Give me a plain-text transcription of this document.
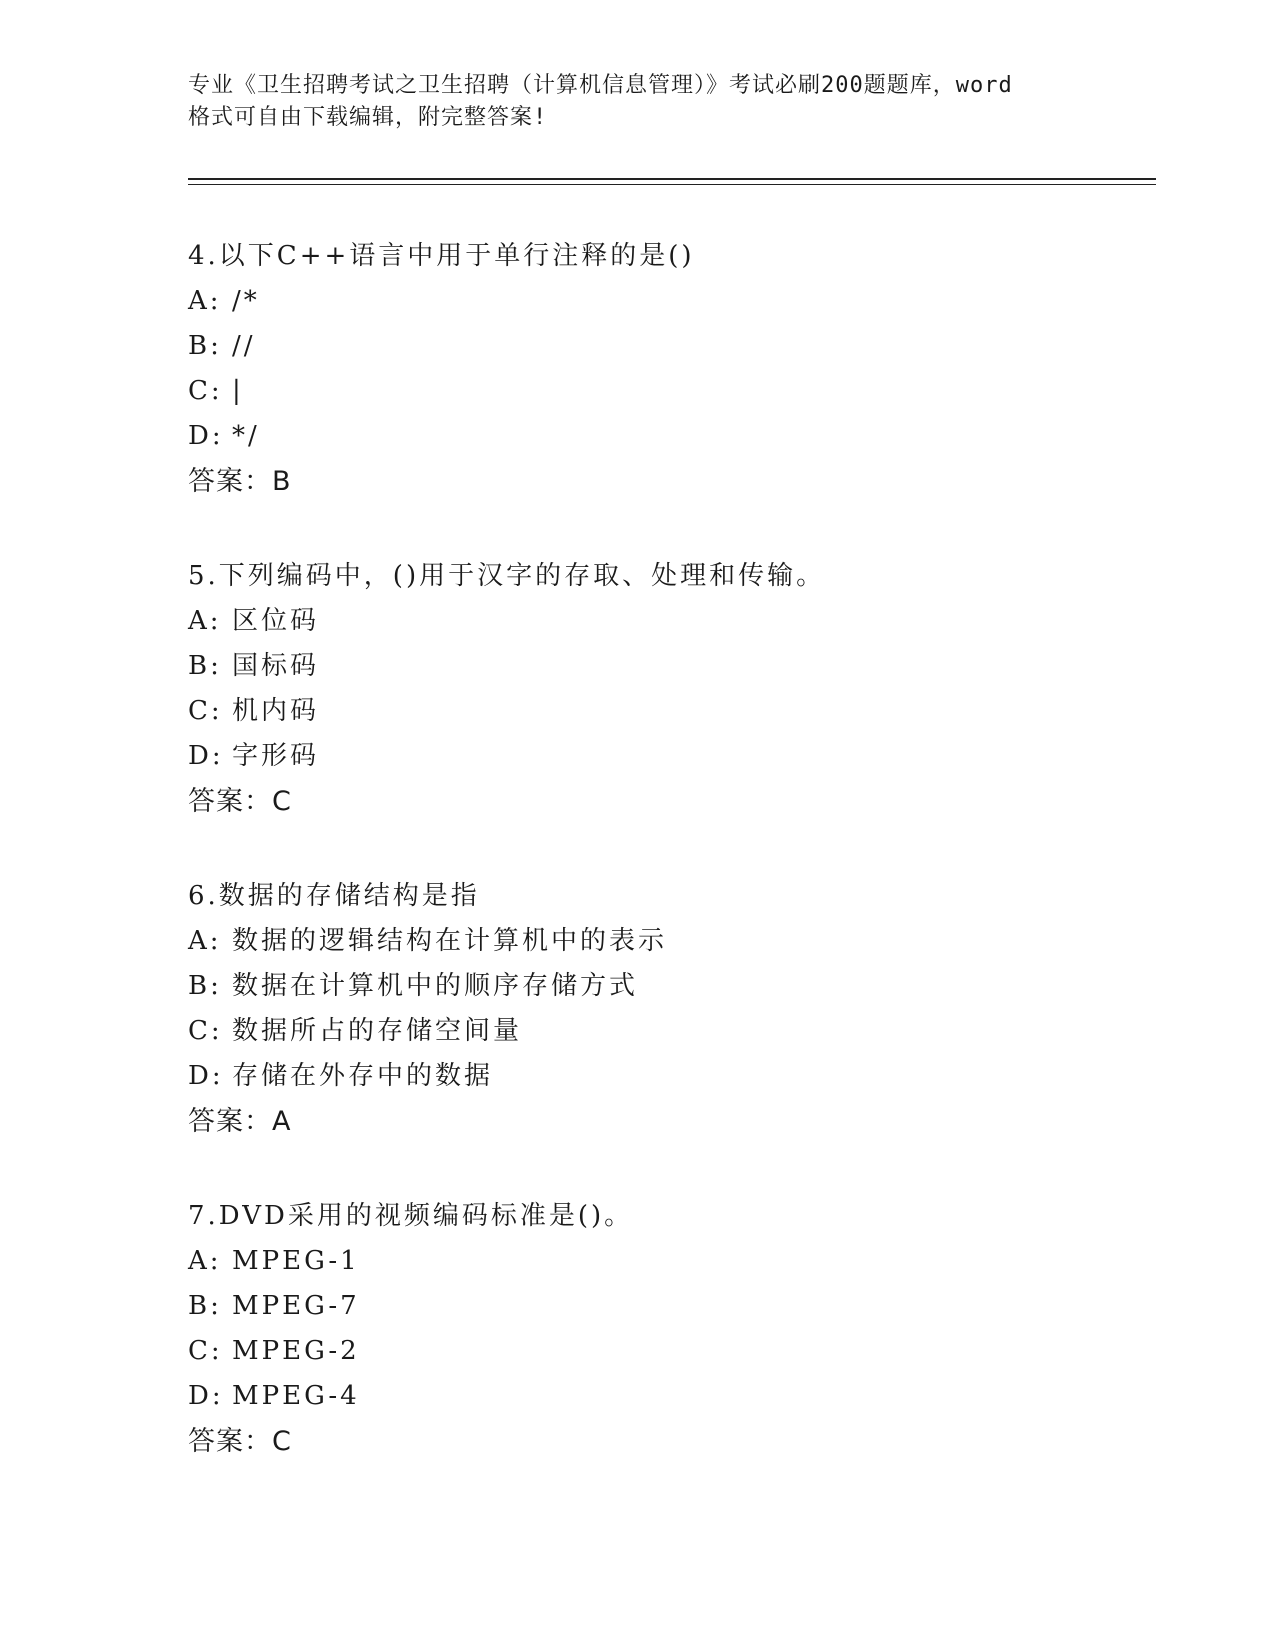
专业《卫生招聘考试之卫生招聘（计算机信息管理）》考试必刷200题题库，word

格式可自由下载编辑，附完整答案!

4.以下C++语言中用于单行注释的是()
A: /*
B: //
C: |
D: */
答案：B
5.下列编码中，()用于汉字的存取、处理和传输。
A: 区位码
B: 国标码
C: 机内码
D: 字形码
答案：C
6.数据的存储结构是指
A: 数据的逻辑结构在计算机中的表示
B: 数据在计算机中的顺序存储方式
C: 数据所占的存储空间量
D: 存储在外存中的数据
答案：A
7.DVD采用的视频编码标准是()。
A: MPEG-1
B: MPEG-7
C: MPEG-2
D: MPEG-4
答案：C
